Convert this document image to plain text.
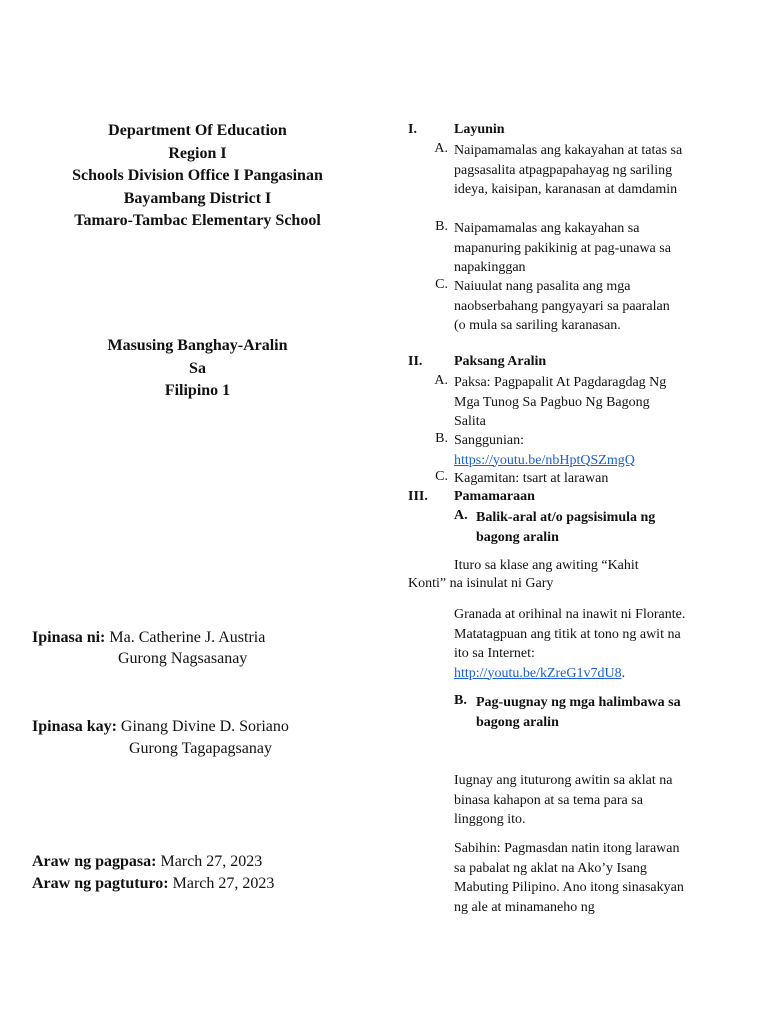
Department Of Education
Region I
Schools Division Office I Pangasinan
Bayambang District I
Tamaro-Tambac Elementary School
Masusing Banghay-Aralin
Sa
Filipino 1
Ipinasa ni: Ma. Catherine J. Austria
Gurong Nagsasanay
Ipinasa kay: Ginang Divine D. Soriano
Gurong Tagapagsanay
Araw ng pagpasa: March 27, 2023
Araw ng pagtuturo: March 27, 2023
I.	Layunin
A. Naipamamalas ang kakayahan at tatas sa pagsasalita atpagpapahayag ng sariling ideya, kaisipan, karanasan at damdamin
B. Naipamamalas ang kakayahan sa mapanuring pakikinig at pag-unawa sa napakinggan
C. Naiuulat nang pasalita ang mga naobserbahang pangyayari sa paaralan (o mula sa sariling karanasan.
II. Paksang Aralin
A. Paksa: Pagpapalit At Pagdaragdag Ng Mga Tunog Sa Pagbuo Ng Bagong Salita
B. Sanggunian:
https://youtu.be/nbHptQSZmgQ
C. Kagamitan: tsart at larawan
III. Pamamaraan
A. Balik-aral at/o pagsisimula ng bagong aralin
Ituro sa klase ang awiting “Kahit
Konti” na isinulat ni Gary
Granada at orihinal na inawit ni Florante. Matatagpuan ang titik at tono ng awit na ito sa Internet: http://youtu.be/kZreG1v7dU8.
B. Pag-uugnay ng mga halimbawa sa bagong aralin
Iugnay ang ituturong awitin sa aklat na binasa kahapon at sa tema para sa linggong ito.
Sabihin: Pagmasdan natin itong larawan sa pabalat ng aklat na Ako’y Isang Mabuting Pilipino. Ano itong sinasakyan ng ale at minamaneho ng
